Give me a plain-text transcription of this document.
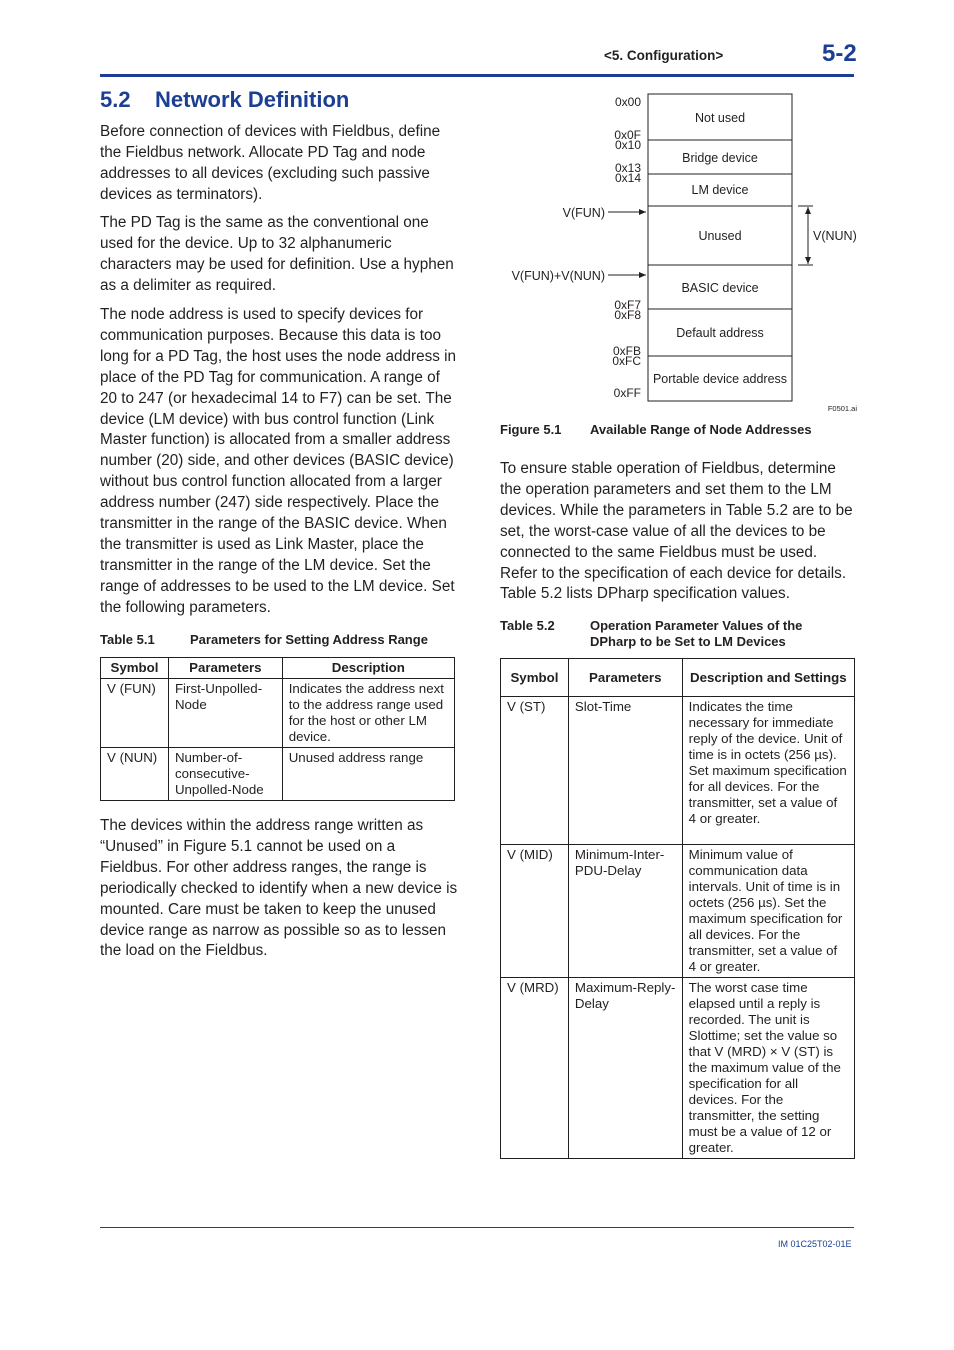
<5. Configuration>	5-2
5.2 Network Definition

Before connection of devices with Fieldbus, define the Fieldbus network. Allocate PD Tag and node addresses to all devices (excluding such passive devices as terminators).

The PD Tag is the same as the conventional one used for the device. Up to 32 alphanumeric characters may be used for definition. Use a hyphen as a delimiter as required.

The node address is used to specify devices for communication purposes. Because this data is too long for a PD Tag, the host uses the node address in place of the PD Tag for communication. A range of 20 to 247 (or hexadecimal 14 to F7) can be set. The device (LM device) with bus control function (Link Master function) is allocated from a smaller address number (20) side, and other devices (BASIC device) without bus control function allocated from a larger address number (247) side respectively. Place the transmitter in the range of the BASIC device. When the transmitter is used as Link Master, place the transmitter in the range of the LM device. Set the range of addresses to be used to the LM device. Set the following parameters.

Table 5.1	Parameters for Setting Address Range
Symbol	Parameters	Description
V (FUN)	First-Unpolled-Node	Indicates the address next to the address range used for the host or other LM device.
V (NUN)	Number-of-consecutive-Unpolled-Node	Unused address range

The devices within the address range written as “Unused” in Figure 5.1 cannot be used on a Fieldbus. For other address ranges, the range is periodically checked to identify when a new device is mounted. Care must be taken to keep the unused device range as narrow as possible so as to lessen the load on the Fieldbus.

Not used
Bridge device
LM device
Unused
BASIC device
Default address
Portable device address
0x00
0x0F
0x10
0x13
0x14
0xF7
0xF8
0xFB
0xFC
0xFF
V(FUN)
V(FUN)+V(NUN)
V(NUN)
F0501.ai
Figure 5.1 Available Range of Node Addresses

To ensure stable operation of Fieldbus, determine the operation parameters and set them to the LM devices. While the parameters in Table 5.2 are to be set, the worst-case value of all the devices to be connected to the same Fieldbus must be used. Refer to the specification of each device for details. Table 5.2 lists DPharp specification values.

Table 5.2	Operation Parameter Values of the DPharp to be Set to LM Devices
Symbol	Parameters	Description and Settings
V (ST)	Slot-Time	Indicates the time necessary for immediate reply of the device. Unit of time is in octets (256 µs). Set maximum specification for all devices. For the transmitter, set a value of 4 or greater.
V (MID)	Minimum-Inter-PDU-Delay	Minimum value of communication data intervals. Unit of time is in octets (256 µs). Set the maximum specification for all devices. For the transmitter, set a value of 4 or greater.
V (MRD)	Maximum-Reply-Delay	The worst case time elapsed until a reply is recorded. The unit is Slottime; set the value so that V (MRD) × V (ST) is the maximum value of the specification for all devices. For the transmitter, the setting must be a value of 12 or greater.
IM 01C25T02-01E
